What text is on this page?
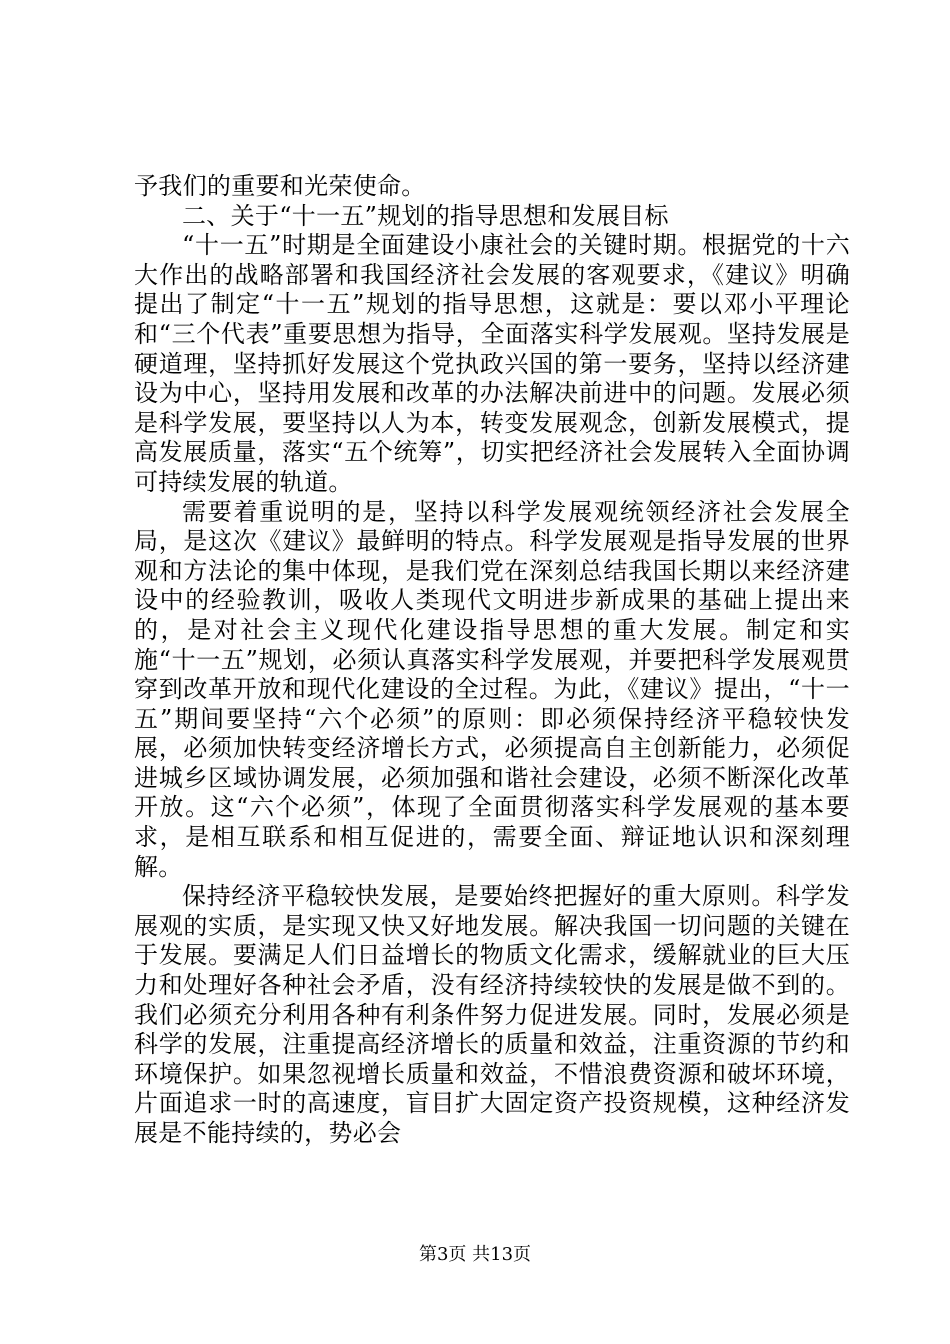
予我们的重要和光荣使命。

二、关于“十一五”规划的指导思想和发展目标

“十一五”时期是全面建设小康社会的关键时期。根据党的十六大作出的战略部署和我国经济社会发展的客观要求，《建议》明确提出了制定“十一五”规划的指导思想，这就是：要以邓小平理论和“三个代表”重要思想为指导，全面落实科学发展观。坚持发展是硬道理，坚持抓好发展这个党执政兴国的第一要务，坚持以经济建设为中心，坚持用发展和改革的办法解决前进中的问题。发展必须是科学发展，要坚持以人为本，转变发展观念，创新发展模式，提高发展质量，落实“五个统筹”，切实把经济社会发展转入全面协调可持续发展的轨道。

需要着重说明的是，坚持以科学发展观统领经济社会发展全局，是这次《建议》最鲜明的特点。科学发展观是指导发展的世界观和方法论的集中体现，是我们党在深刻总结我国长期以来经济建设中的经验教训，吸收人类现代文明进步新成果的基础上提出来的，是对社会主义现代化建设指导思想的重大发展。制定和实施“十一五”规划，必须认真落实科学发展观，并要把科学发展观贯穿到改革开放和现代化建设的全过程。为此，《建议》提出，“十一五”期间要坚持“六个必须”的原则：即必须保持经济平稳较快发展，必须加快转变经济增长方式，必须提高自主创新能力，必须促进城乡区域协调发展，必须加强和谐社会建设，必须不断深化改革开放。这“六个必须”，体现了全面贯彻落实科学发展观的基本要求，是相互联系和相互促进的，需要全面、辩证地认识和深刻理解。

保持经济平稳较快发展，是要始终把握好的重大原则。科学发展观的实质，是实现又快又好地发展。解决我国一切问题的关键在于发展。要满足人们日益增长的物质文化需求，缓解就业的巨大压力和处理好各种社会矛盾，没有经济持续较快的发展是做不到的。我们必须充分利用各种有利条件努力促进发展。同时，发展必须是科学的发展，注重提高经济增长的质量和效益，注重资源的节约和环境保护。如果忽视增长质量和效益，不惜浪费资源和破坏环境，片面追求一时的高速度，盲目扩大固定资产投资规模，这种经济发展是不能持续的，势必会

第3页 共13页
